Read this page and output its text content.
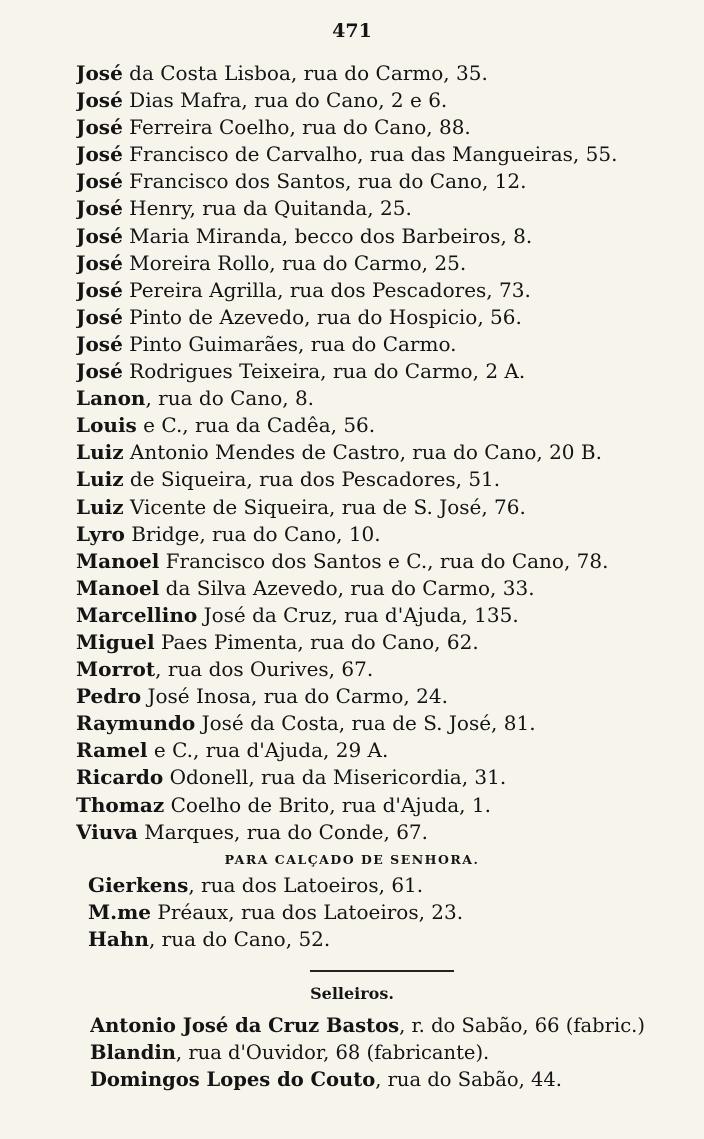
471
José da Costa Lisboa, rua do Carmo, 35.
José Dias Mafra, rua do Cano, 2 e 6.
José Ferreira Coelho, rua do Cano, 88.
José Francisco de Carvalho, rua das Mangueiras, 55.
José Francisco dos Santos, rua do Cano, 12.
José Henry, rua da Quitanda, 25.
José Maria Miranda, becco dos Barbeiros, 8.
José Moreira Rollo, rua do Carmo, 25.
José Pereira Agrilla, rua dos Pescadores, 73.
José Pinto de Azevedo, rua do Hospicio, 56.
José Pinto Guimarães, rua do Carmo.
José Rodrigues Teixeira, rua do Carmo, 2 A.
Lanon, rua do Cano, 8.
Louis e C., rua da Cadêa, 56.
Luiz Antonio Mendes de Castro, rua do Cano, 20 B.
Luiz de Siqueira, rua dos Pescadores, 51.
Luiz Vicente de Siqueira, rua de S. José, 76.
Lyro Bridge, rua do Cano, 10.
Manoel Francisco dos Santos e C., rua do Cano, 78.
Manoel da Silva Azevedo, rua do Carmo, 33.
Marcellino José da Cruz, rua d'Ajuda, 135.
Miguel Paes Pimenta, rua do Cano, 62.
Morrot, rua dos Ourives, 67.
Pedro José Inosa, rua do Carmo, 24.
Raymundo José da Costa, rua de S. José, 81.
Ramel e C., rua d'Ajuda, 29 A.
Ricardo Odonell, rua da Misericordia, 31.
Thomaz Coelho de Brito, rua d'Ajuda, 1.
Viuva Marques, rua do Conde, 67.
PARA CALÇADO DE SENHORA.
Gierkens, rua dos Latoeiros, 61.
M.me Préaux, rua dos Latoeiros, 23.
Hahn, rua do Cano, 52.
Selleiros.
Antonio José da Cruz Bastos, r. do Sabão, 66 (fabric.)
Blandin, rua d'Ouvidor, 68 (fabricante).
Domingos Lopes do Couto, rua do Sabão, 44.
